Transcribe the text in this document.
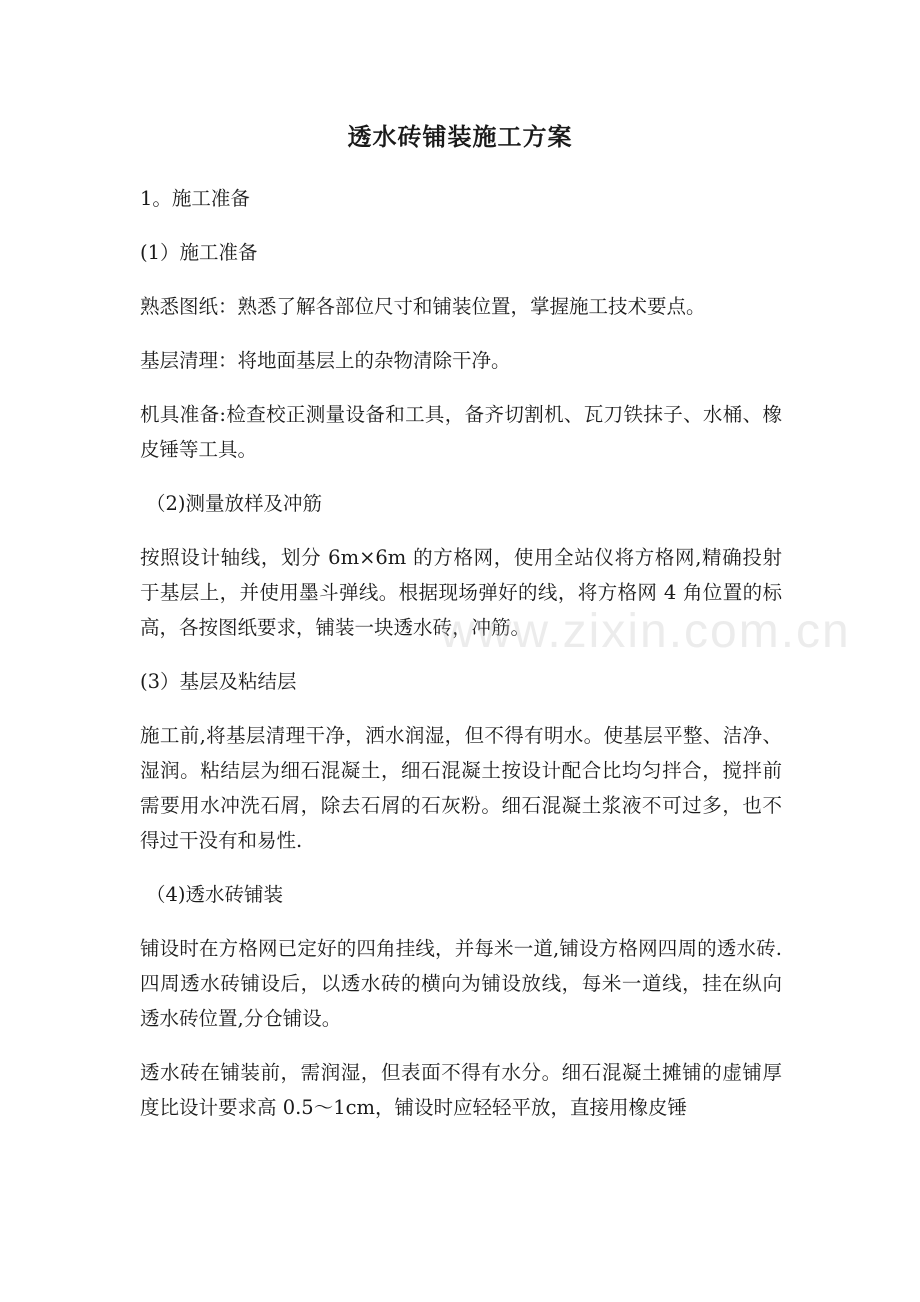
透水砖铺装施工方案

1。施工准备

(1）施工准备

熟悉图纸：熟悉了解各部位尺寸和铺装位置，掌握施工技术要点。

基层清理：将地面基层上的杂物清除干净。

机具准备:检查校正测量设备和工具，备齐切割机、瓦刀铁抹子、水桶、橡皮锤等工具。

（2)测量放样及冲筋

按照设计轴线，划分 6m×6m 的方格网，使用全站仪将方格网,精确投射于基层上，并使用墨斗弹线。根据现场弹好的线，将方格网 4 角位置的标高，各按图纸要求，铺装一块透水砖，冲筋。

(3）基层及粘结层

施工前,将基层清理干净，洒水润湿，但不得有明水。使基层平整、洁净、湿润。粘结层为细石混凝土，细石混凝土按设计配合比均匀拌合，搅拌前需要用水冲洗石屑，除去石屑的石灰粉。细石混凝土浆液不可过多，也不得过干没有和易性.

（4)透水砖铺装

铺设时在方格网已定好的四角挂线，并每米一道,铺设方格网四周的透水砖.四周透水砖铺设后，以透水砖的横向为铺设放线，每米一道线，挂在纵向透水砖位置,分仓铺设。

透水砖在铺装前，需润湿，但表面不得有水分。细石混凝土摊铺的虚铺厚度比设计要求高 0.5～1cm，铺设时应轻轻平放，直接用橡皮锤

www.zixin.com.cn
